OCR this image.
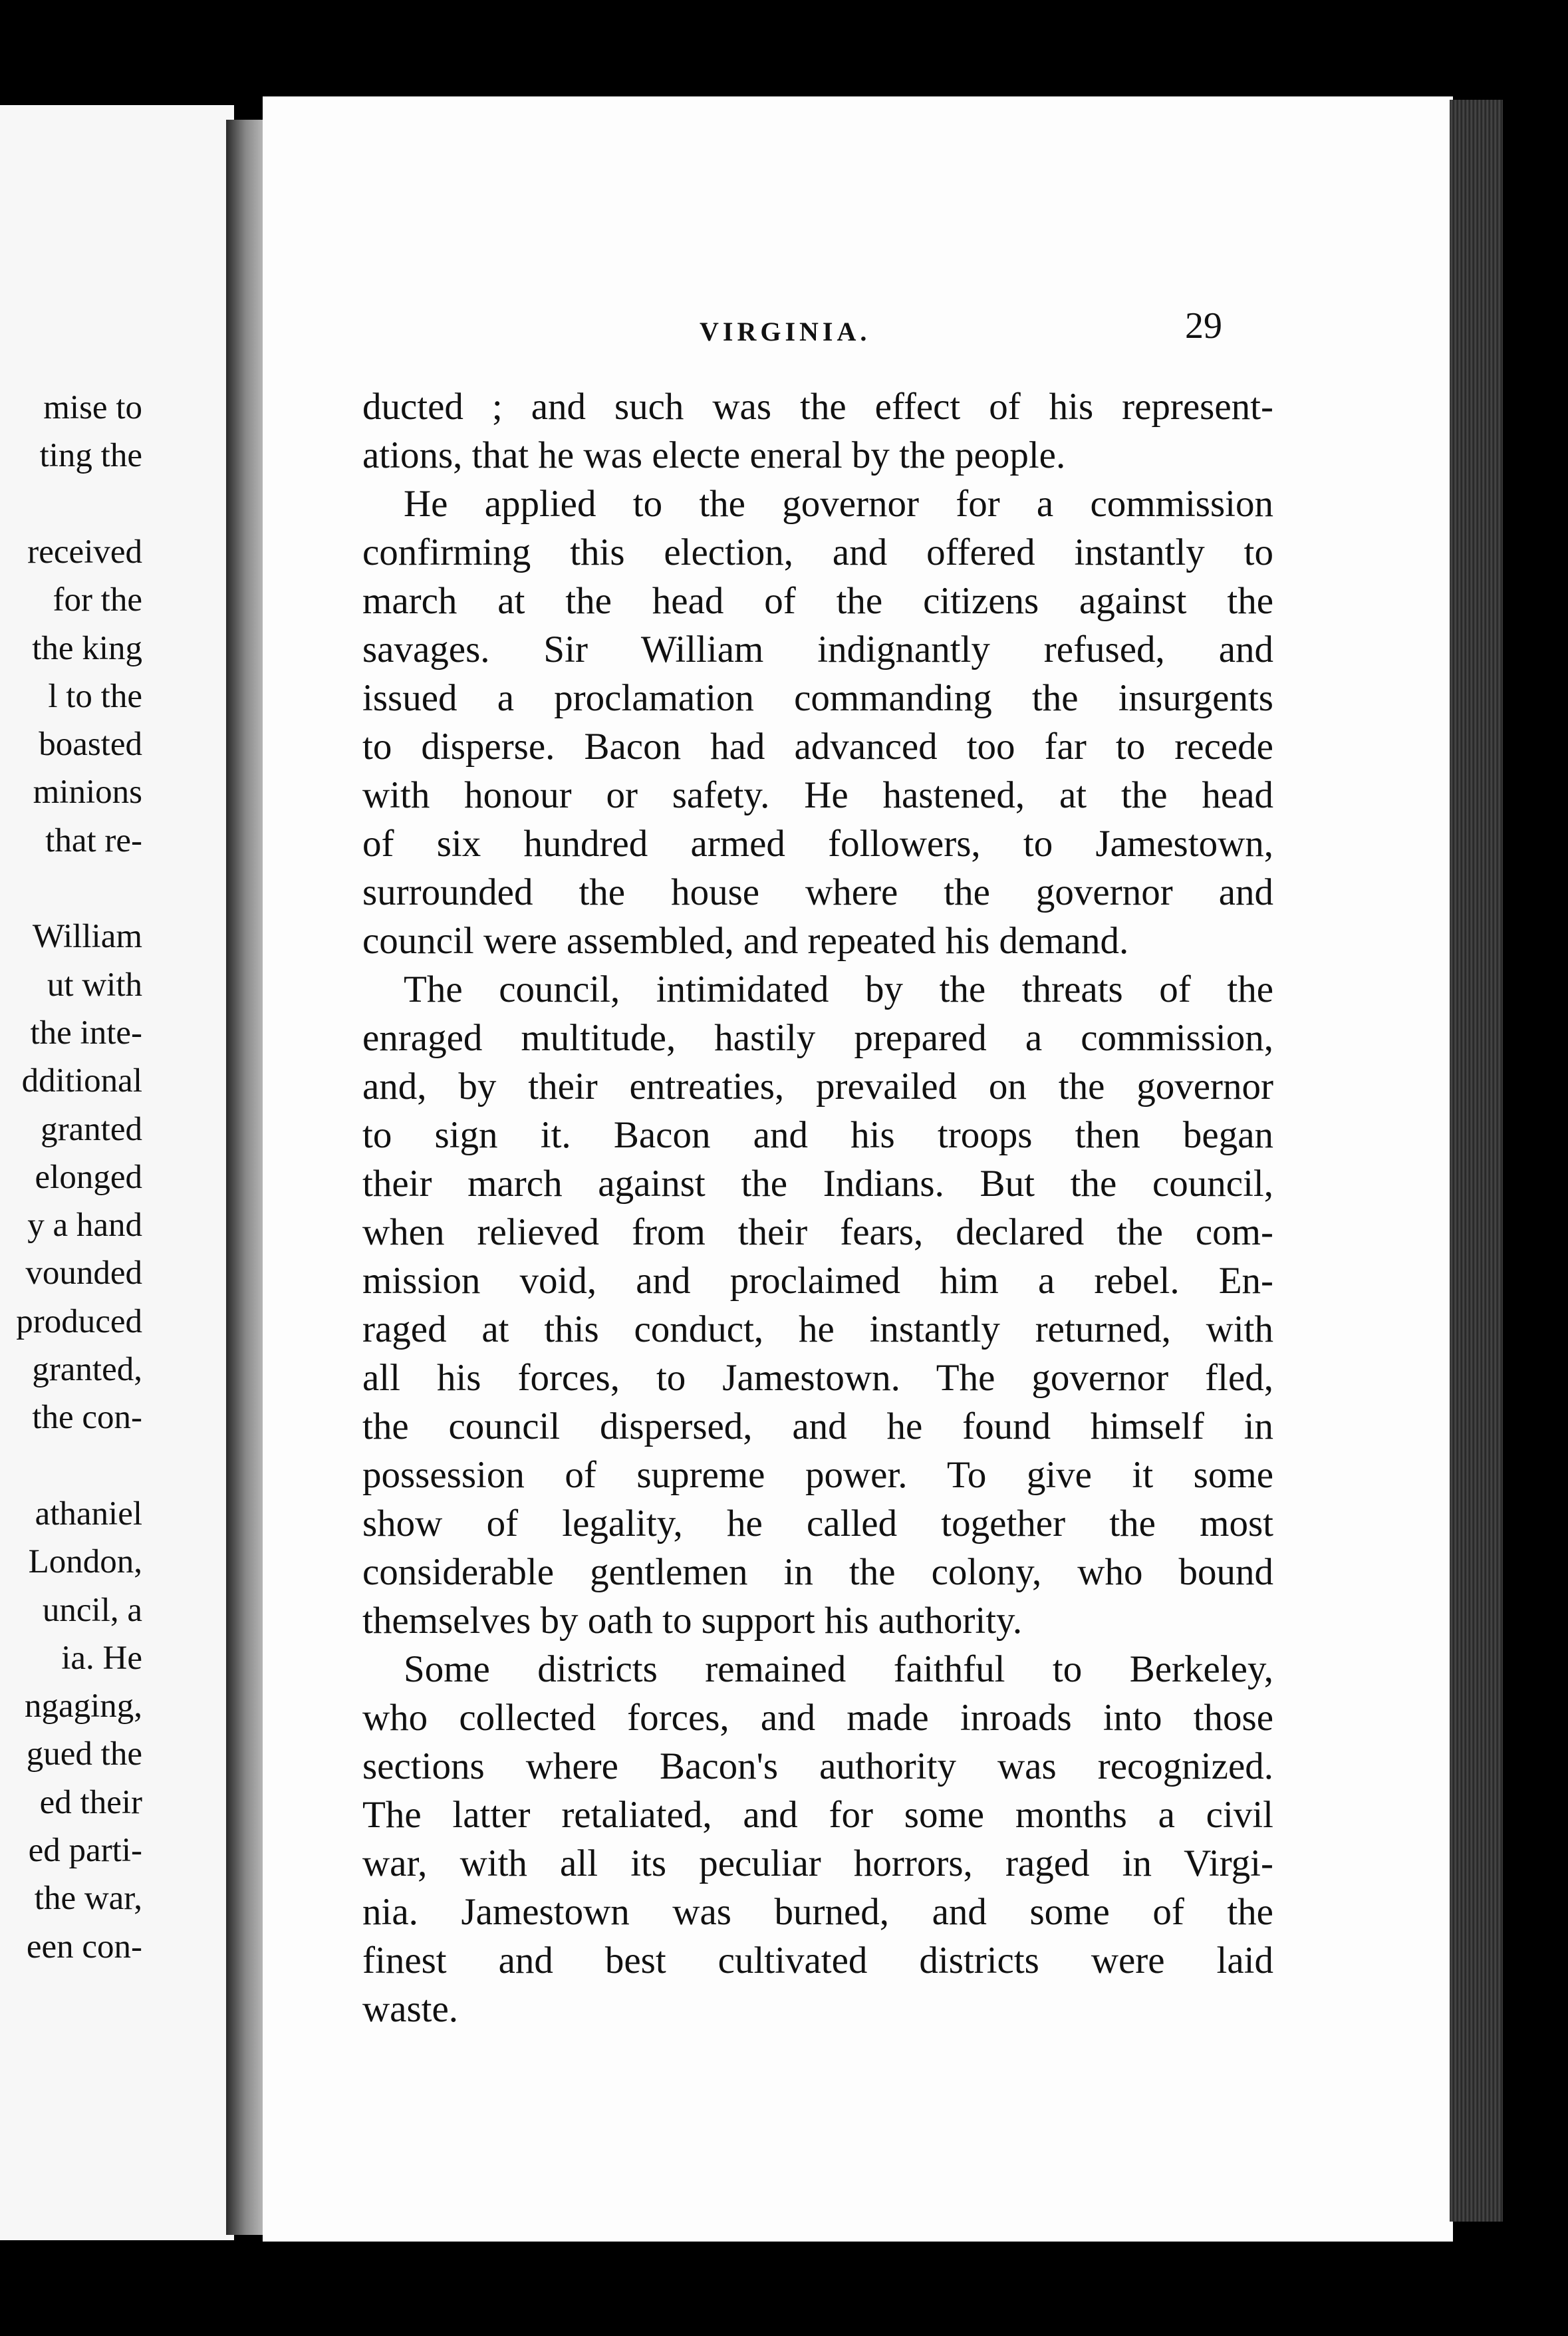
mise to
ting the
received
for the
the king
l to the
boasted
minions
that re-
William
ut with
the inte-
dditional
granted
elonged
y a hand
vounded
produced
granted,
the con-
athaniel
London,
uncil, a
ia. He
ngaging,
gued the
ed their
ed parti-
the war,
een con-
VIRGINIA.	29
ducted ; and such was the effect of his represent-
ations, that he was electe eneral by the people.
He applied to the governor for a commission
confirming this election, and offered instantly to
march at the head of the citizens against the
savages. Sir William indignantly refused, and
issued a proclamation commanding the insurgents
to disperse. Bacon had advanced too far to recede
with honour or safety. He hastened, at the head
of six hundred armed followers, to Jamestown,
surrounded the house where the governor and
council were assembled, and repeated his demand.
The council, intimidated by the threats of the
enraged multitude, hastily prepared a commission,
and, by their entreaties, prevailed on the governor
to sign it. Bacon and his troops then began
their march against the Indians. But the council,
when relieved from their fears, declared the com-
mission void, and proclaimed him a rebel. En-
raged at this conduct, he instantly returned, with
all his forces, to Jamestown. The governor fled,
the council dispersed, and he found himself in
possession of supreme power. To give it some
show of legality, he called together the most
considerable gentlemen in the colony, who bound
themselves by oath to support his authority.
Some districts remained faithful to Berkeley,
who collected forces, and made inroads into those
sections where Bacon's authority was recognized.
The latter retaliated, and for some months a civil
war, with all its peculiar horrors, raged in Virgi-
nia. Jamestown was burned, and some of the
finest and best cultivated districts were laid
waste.
